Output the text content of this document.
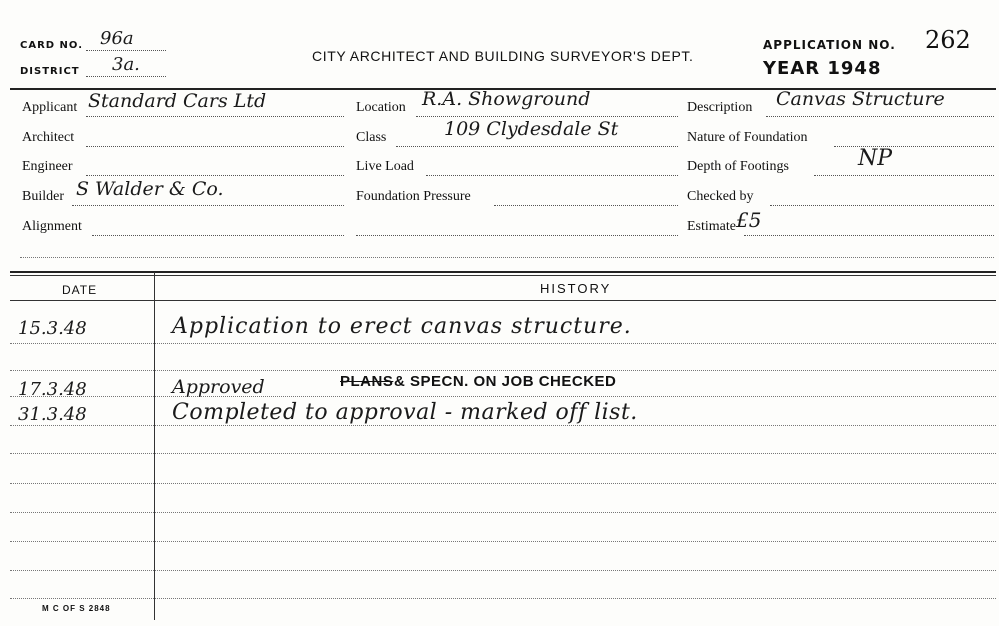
CARD NO. 96a
DISTRICT 3a.	CITY ARCHITECT AND BUILDING SURVEYOR'S DEPT.
APPLICATION NO. 262
YEAR 1948
Applicant Standard Cars Ltd
Architect
Engineer
Builder S Walder & Co.
Alignment
Location R.A. Showground
Class	109 Clydesdale St
Live Load
Foundation Pressure
Description Canvas Structure
Nature of Foundation
Depth of Footings	NP
Checked by
Estimate £5
DATE	HISTORY
15.3.48	Application to erect canvas structure.
17.3.48	Approved	PLANS & SPECN. ON JOB CHECKED
31.3.48	Completed to approval - marked off list.
M C OF S 2848
